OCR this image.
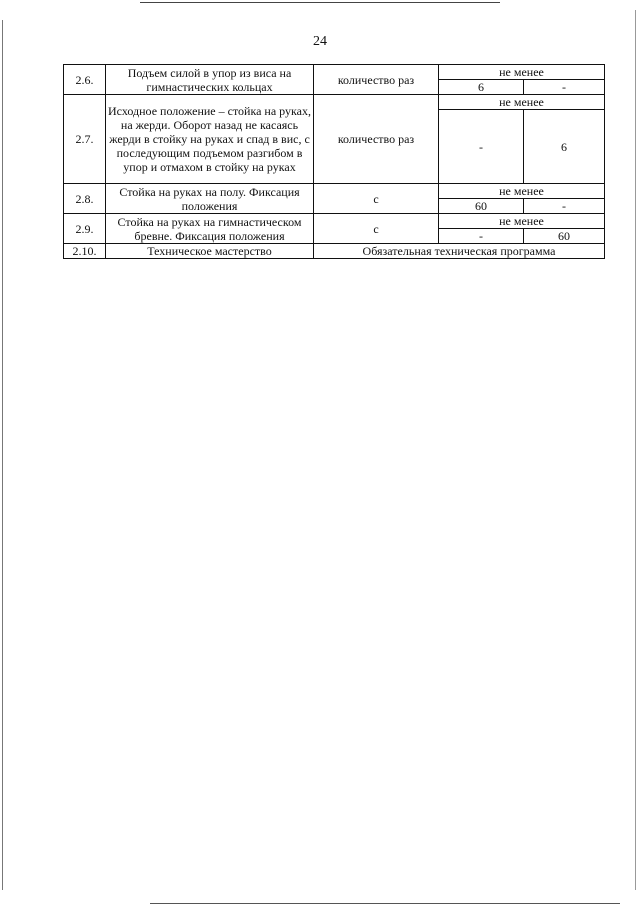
24
2.6.	Подъем силой в упор из виса на гимнастических кольцах	количество раз	не менее	
			6	-
2.7.	Исходное положение – стойка на руках, на жерди. Оборот назад не касаясь жерди в стойку на руках и спад в вис, с последующим подъемом разгибом в упор и отмахом в стойку на руках	количество раз	не менее	
			-	6
2.8.	Стойка на руках на полу. Фиксация положения	с	не менее	
			60	-
2.9.	Стойка на руках на гимнастическом бревне. Фиксация положения	с	не менее	
			-	60
2.10.	Техническое мастерство	Обязательная техническая программа		
